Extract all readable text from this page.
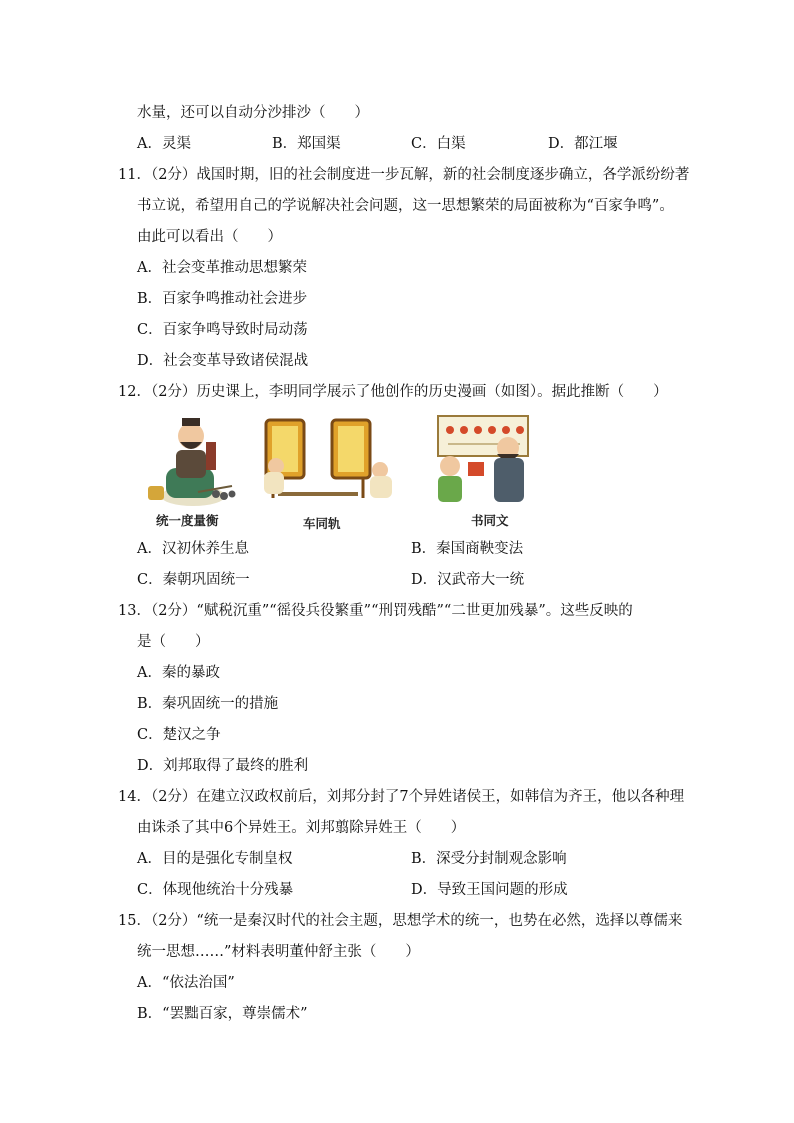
水量，还可以自动分沙排沙（　　）
A．灵渠	B．郑国渠	C．白渠	D．都江堰
11．（2分）战国时期，旧的社会制度进一步瓦解，新的社会制度逐步确立，各学派纷纷著
书立说，希望用自己的学说解决社会问题，这一思想繁荣的局面被称为“百家争鸣”。
由此可以看出（　　）
A．社会变革推动思想繁荣
B．百家争鸣推动社会进步
C．百家争鸣导致时局动荡
D．社会变革导致诸侯混战
12．（2分）历史课上，李明同学展示了他创作的历史漫画（如图）。据此推断（　　）
统一度量衡	车同轨	书同文
A．汉初休养生息	B．秦国商鞅变法
C．秦朝巩固统一	D．汉武帝大一统
13．（2分）“赋税沉重”“徭役兵役繁重”“刑罚残酷”“二世更加残暴”。这些反映的
是（　　）
A．秦的暴政
B．秦巩固统一的措施
C．楚汉之争
D．刘邦取得了最终的胜利
14．（2分）在建立汉政权前后，刘邦分封了7个异姓诸侯王，如韩信为齐王，他以各种理
由诛杀了其中6个异姓王。刘邦翦除异姓王（　　）
A．目的是强化专制皇权	B．深受分封制观念影响
C．体现他统治十分残暴	D．导致王国问题的形成
15．（2分）“统一是秦汉时代的社会主题，思想学术的统一，也势在必然，选择以尊儒来
统一思想……”材料表明董仲舒主张（　　）
A．“依法治国”
B．“罢黜百家，尊崇儒术”
